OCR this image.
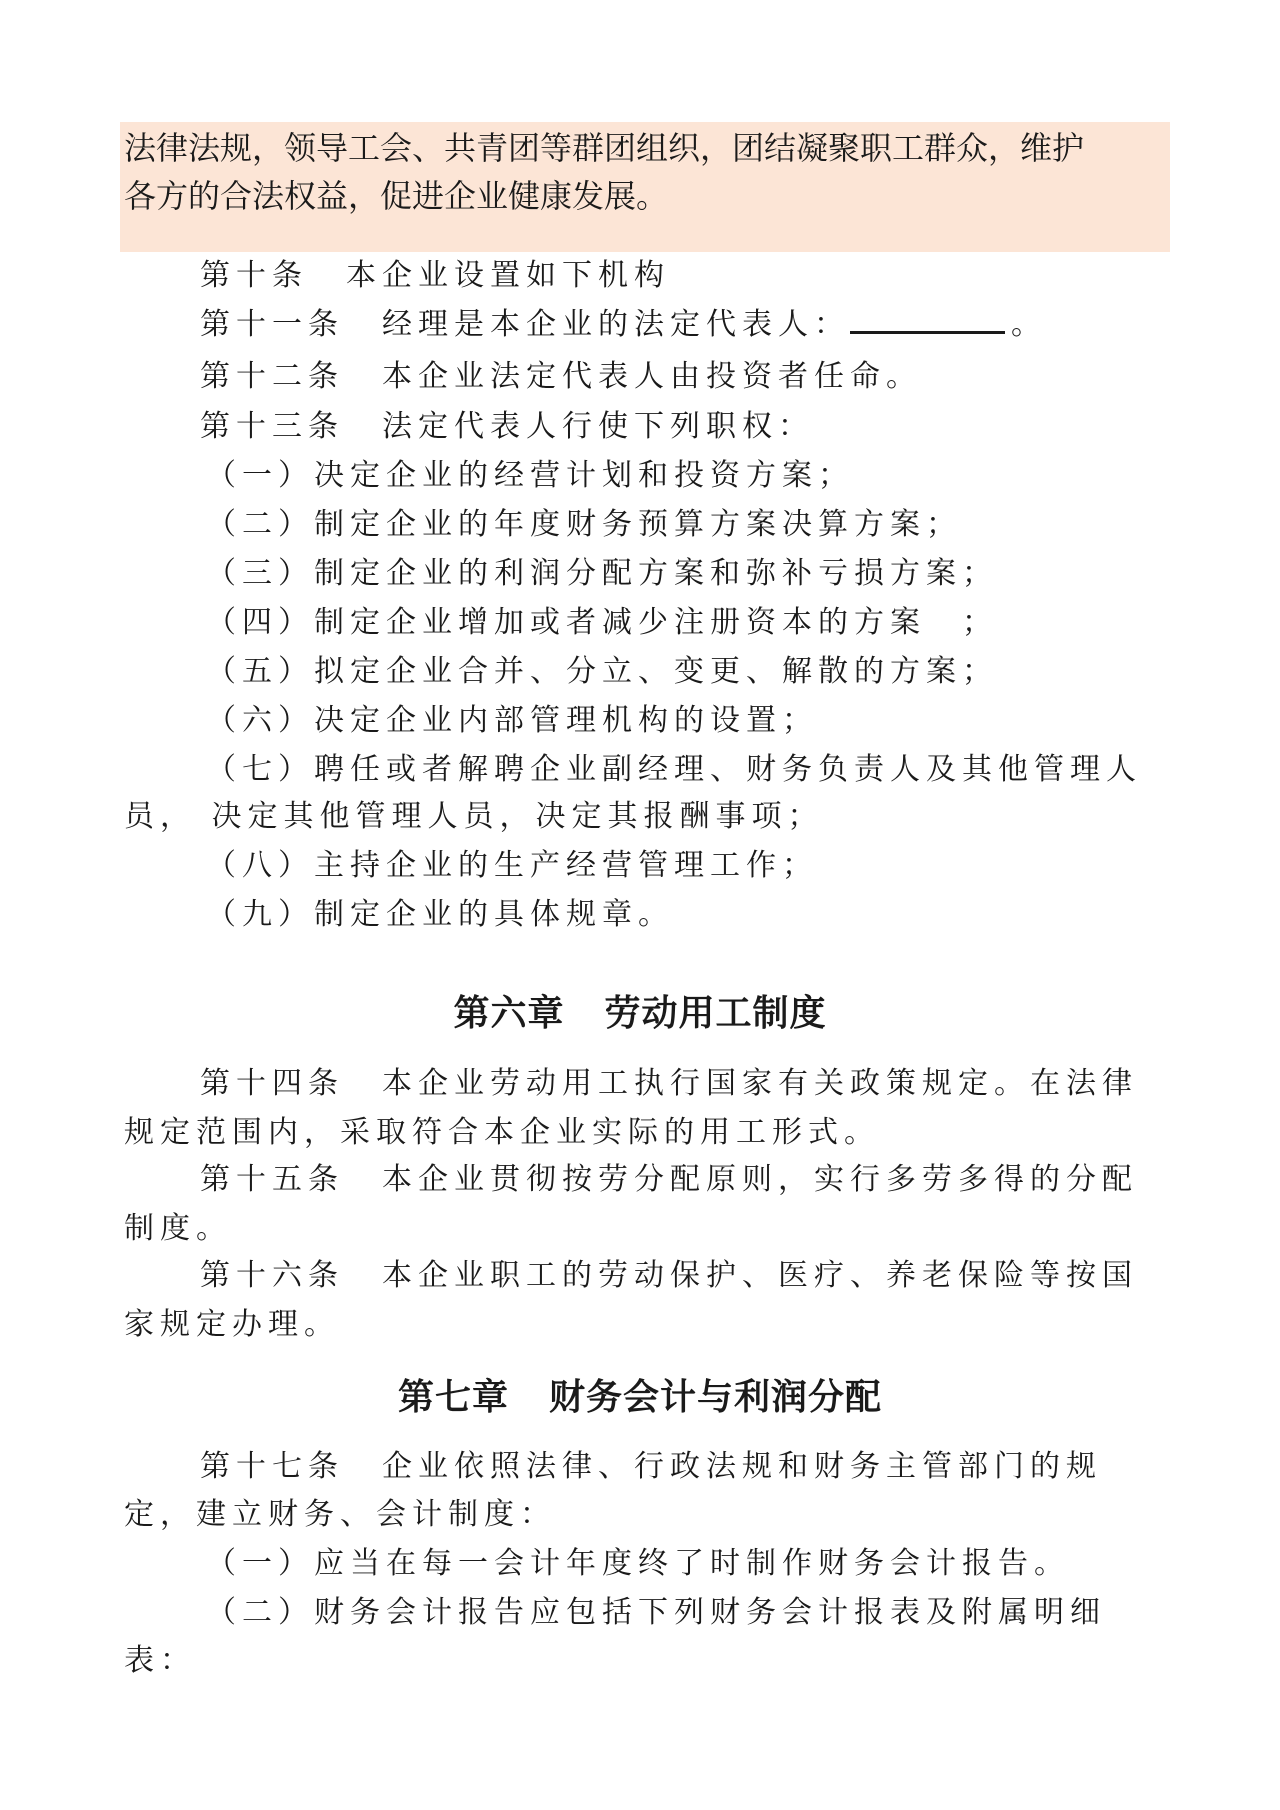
法律法规，领导工会、共青团等群团组织，团结凝聚职工群众，维护

各方的合法权益，促进企业健康发展。

第十条 本企业设置如下机构
第十一条 经理是本企业的法定代表人：	。
第十二条 本企业法定代表人由投资者任命。
第十三条 法定代表人行使下列职权：
（一）决定企业的经营计划和投资方案；
（二）制定企业的年度财务预算方案决算方案；
（三）制定企业的利润分配方案和弥补亏损方案；
（四）制定企业增加或者减少注册资本的方案　；
（五）拟定企业合并、分立、变更、解散的方案；
（六）决定企业内部管理机构的设置；
（七）聘任或者解聘企业副经理、财务负责人及其他管理人
员， 决定其他管理人员，决定其报酬事项；
（八）主持企业的生产经营管理工作；
（九）制定企业的具体规章。
第六章 劳动用工制度
第十四条 本企业劳动用工执行国家有关政策规定。在法律
规定范围内，采取符合本企业实际的用工形式。
第十五条 本企业贯彻按劳分配原则，实行多劳多得的分配
制度。
第十六条 本企业职工的劳动保护、医疗、养老保险等按国
家规定办理。
第七章 财务会计与利润分配
第十七条 企业依照法律、行政法规和财务主管部门的规
定，建立财务、会计制度：
（一）应当在每一会计年度终了时制作财务会计报告。
（二）财务会计报告应包括下列财务会计报表及附属明细
表：
